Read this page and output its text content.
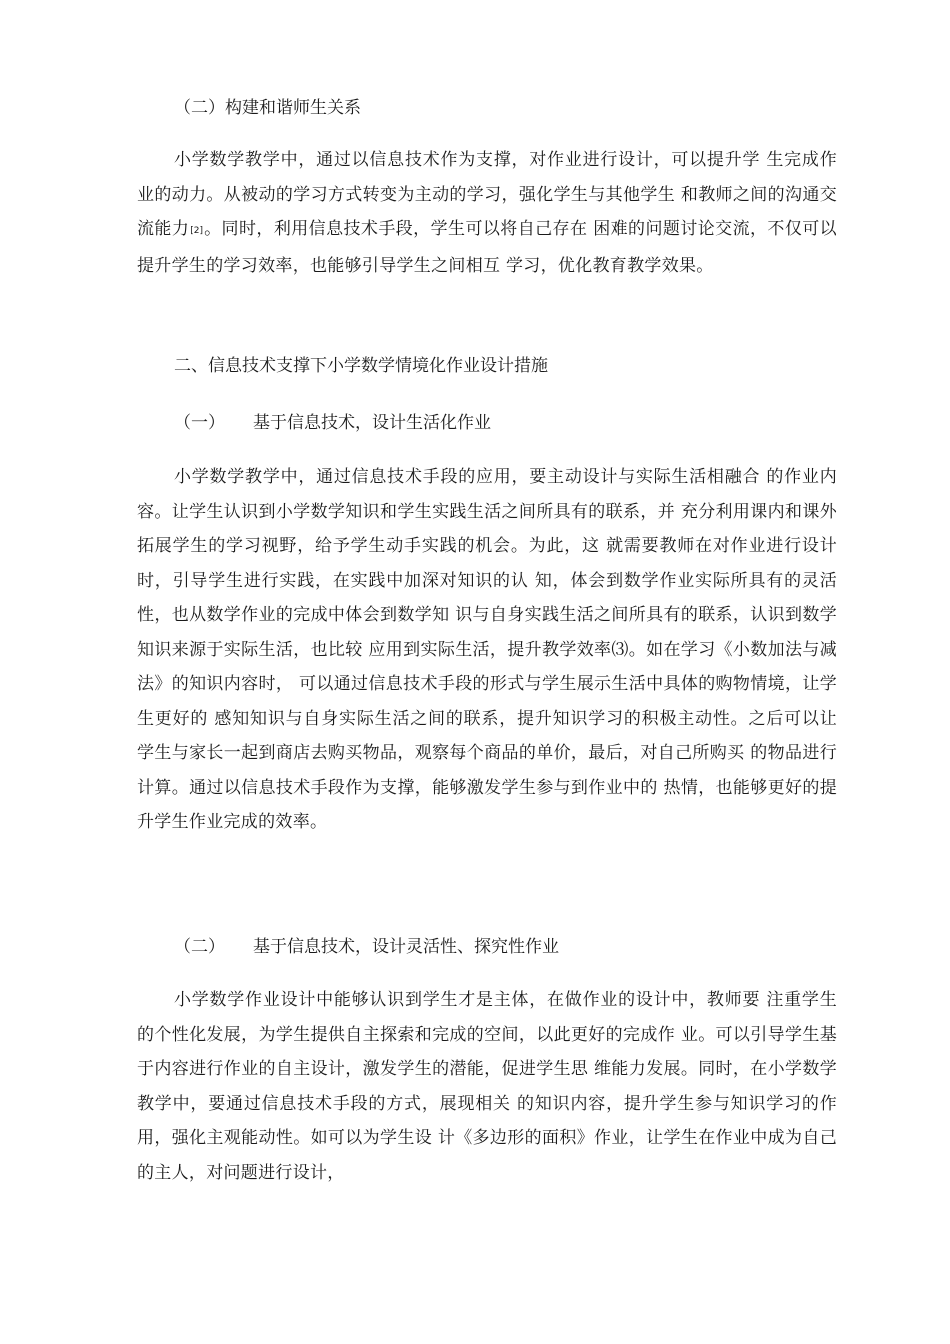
（二）构建和谐师生关系

小学数学教学中，通过以信息技术作为支撑，对作业进行设计，可以提升学 生完成作业的动力。从被动的学习方式转变为主动的学习，强化学生与其他学生 和教师之间的沟通交流能力[2]。同时，利用信息技术手段，学生可以将自己存在 困难的问题讨论交流，不仅可以提升学生的学习效率，也能够引导学生之间相互 学习，优化教育教学效果。

二、信息技术支撑下小学数学情境化作业设计措施
（一） 基于信息技术，设计生活化作业

小学数学教学中，通过信息技术手段的应用，要主动设计与实际生活相融合 的作业内容。让学生认识到小学数学知识和学生实践生活之间所具有的联系，并 充分利用课内和课外拓展学生的学习视野，给予学生动手实践的机会。为此，这 就需要教师在对作业进行设计时，引导学生进行实践，在实践中加深对知识的认 知，体会到数学作业实际所具有的灵活性，也从数学作业的完成中体会到数学知 识与自身实践生活之间所具有的联系，认识到数学知识来源于实际生活，也比较 应用到实际生活，提升教学效率⑶。如在学习《小数加法与减法》的知识内容时， 可以通过信息技术手段的形式与学生展示生活中具体的购物情境，让学生更好的 感知知识与自身实际生活之间的联系，提升知识学习的积极主动性。之后可以让 学生与家长一起到商店去购买物品，观察每个商品的单价，最后，对自己所购买 的物品进行计算。通过以信息技术手段作为支撑，能够激发学生参与到作业中的 热情，也能够更好的提升学生作业完成的效率。

（二） 基于信息技术，设计灵活性、探究性作业

小学数学作业设计中能够认识到学生才是主体，在做作业的设计中，教师要 注重学生的个性化发展，为学生提供自主探索和完成的空间，以此更好的完成作 业。可以引导学生基于内容进行作业的自主设计，激发学生的潜能，促进学生思 维能力发展。同时，在小学数学教学中，要通过信息技术手段的方式，展现相关 的知识内容，提升学生参与知识学习的作用，强化主观能动性。如可以为学生设 计《多边形的面积》作业，让学生在作业中成为自己的主人，对问题进行设计，
